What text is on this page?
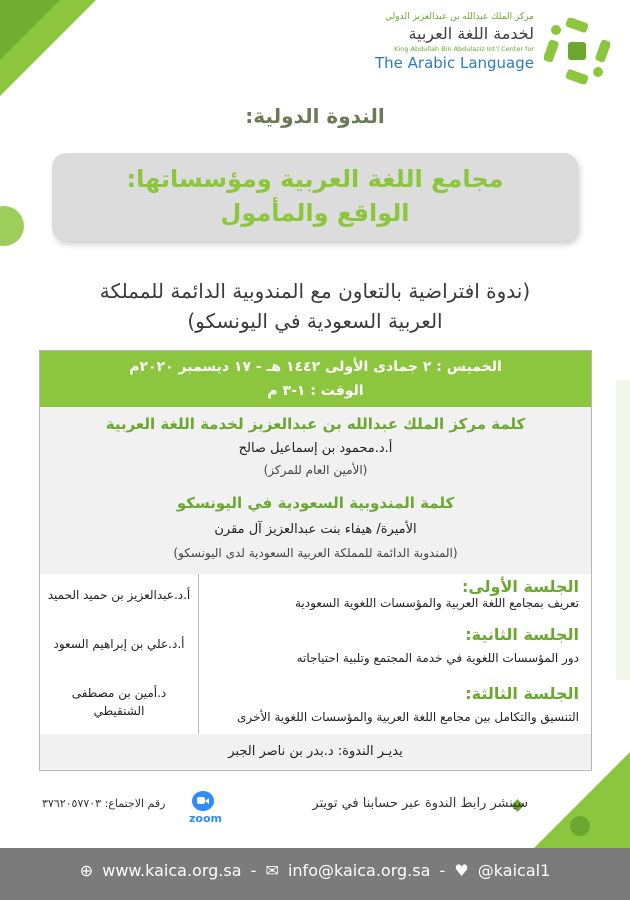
مركز الملك عبدالله بن عبدالعزيز الدولي
لخدمة اللغة العربية
King Abdullah Bin Abdulaziz Int'l Center for
The Arabic Language
الندوة الدولية:
مجامع اللغة العربية ومؤسساتها:
الواقع والمأمول
(ندوة افتراضية بالتعاون مع المندوبية الدائمة للمملكة
العربية السعودية في اليونسكو)
الخميس : ٢ جمادى الأولى ١٤٤٢ هـ - ١٧ ديسمبر ٢٠٢٠م
الوقت : ١-٣ م
كلمة مركز الملك عبدالله بن عبدالعزيز لخدمة اللغة العربية
أ.د.محمود بن إسماعيل صالح
(الأمين العام للمركز)
كلمة المندوبية السعودية في اليونسكو
الأميرة/ هيفاء بنت عبدالعزيز آل مقرن
(المندوبة الدائمة للمملكة العربية السعودية لدى اليونسكو)
الجلسة الأولى:
تعريف بمجامع اللغة العربية والمؤسسات اللغوية السعودية
أ.د.عبدالعزيز بن حميد الحميد
الجلسة الثانية:
دور المؤسسات اللغوية في خدمة المجتمع وتلبية احتياجاته
أ.د.علي بن إبراهيم السعود
الجلسة الثالثة:
التنسيق والتكامل بين مجامع اللغة العربية والمؤسسات اللغوية الأخرى
د.أمين بن مصطفى
الشنقيطي
يديـر الندوة: د.بدر بن ناصر الجبر
سينشر رابط الندوة عبر حسابنا في تويتر
zoom
رقم الاجتماع: ٣٧٦٢٠٥٧٧٠٣
⊕ www.kaica.org.sa - ✉ info@kaica.org.sa - ♥ @kaical1
